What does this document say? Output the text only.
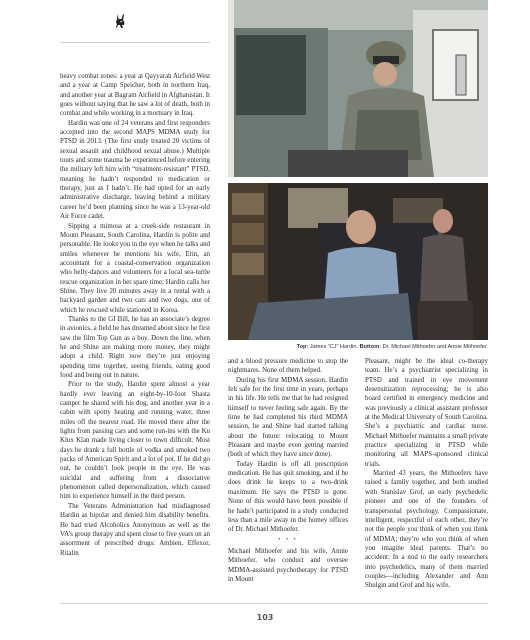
Top: James “CJ” Hardin. Bottom: Dr. Michael Mithoefer and Annie Mithoefer.

heavy combat zones: a year at Qayyarah Airfield West and a year at Camp Speicher, both in northern Iraq, and another year at Bagram Airfield in Afghanistan. It goes without saying that he saw a lot of death, both in combat and while working in a mortuary in Iraq.

Hardin was one of 24 veterans and first responders accepted into the second MAPS MDMA study for PTSD in 2013. (The first study treated 20 victims of sexual assault and childhood sexual abuse.) Multiple tours and some trauma he experienced before entering the military left him with “treatment-resistant” PTSD, meaning he hadn’t responded to medication or therapy, just as I hadn’t. He had opted for an early administrative discharge, leaving behind a military career he’d been planning since he was a 13-year-old Air Force cadet.

Sipping a mimosa at a creek-side restaurant in Mount Pleasant, South Carolina, Hardin is polite and personable. He looks you in the eye when he talks and smiles whenever he mentions his wife, Erin, an accountant for a coastal-conservation organization who belly-dances and volunteers for a local sea-turtle rescue organization in her spare time; Hardin calls her Shine. They live 20 minutes away in a rental with a backyard garden and two cats and two dogs, one of which he rescued while stationed in Korea.

Thanks to the GI Bill, he has an associate’s degree in avionics, a field he has dreamed about since he first saw the film Top Gun as a boy. Down the line, when he and Shine are making more money, they might adopt a child. Right now they’re just enjoying spending time together, seeing friends, eating good food and being out in nature.

Prior to the study, Hardin spent almost a year hardly ever leaving an eight-by-10-foot Shasta camper he shared with his dog, and another year in a cabin with spotty heating and running water, three miles off the nearest road. He moved there after the lights from passing cars and some run-ins with the Ku Klux Klan made living closer to town difficult. Most days he drank a full bottle of vodka and smoked two packs of American Spirit and a lot of pot. If he did go out, he couldn’t look people in the eye. He was suicidal and suffering from a dissociative phenomenon called depersonalization, which caused him to experience himself in the third person.

The Veterans Administration had misdiagnosed Hardin as bipolar and denied him disability benefits. He had tried Alcoholics Anonymous as well as the VA’s group therapy and spent close to five years on an assortment of prescribed drugs: Ambien, Effexor, Ritalin

and a blood pressure medicine to stop the nightmares. None of them helped.

During his first MDMA session, Hardin felt safe for the first time in years, perhaps in his life. He tells me that he had resigned himself to never feeling safe again. By the time he had completed his third MDMA session, he and Shine had started talking about the future: relocating to Mount Pleasant and maybe even getting married (both of which they have since done).

Today Hardin is off all prescription medication. He has quit smoking, and if he does drink he keeps to a two-drink maximum. He says the PTSD is gone. None of this would have been possible if he hadn’t participated in a study conducted less than a mile away in the homey offices of Dr. Michael Mithoefer.

• • •

Michael Mithoefer and his wife, Annie Mithoefer, who conduct and oversee MDMA-assisted psychotherapy for PTSD in Mount

Pleasant, might be the ideal co-therapy team. He’s a psychiatrist specializing in PTSD and trained in eye movement desensitization reprocessing; he is also board certified in emergency medicine and was previously a clinical assistant professor at the Medical University of South Carolina. She’s a psychiatric and cardiac nurse. Michael Mithoefer maintains a small private practice specializing in PTSD while monitoring all MAPS-sponsored clinical trials.

Married 43 years, the Mithoefers have raised a family together, and both studied with Stanislav Grof, an early psychedelic pioneer and one of the founders of transpersonal psychology. Compassionate, intelligent, respectful of each other, they’re not the people you think of when you think of MDMA; they’re who you think of when you imagine ideal parents. That’s no accident: In a nod to the early researchers into psychedelics, many of them married couples—including Alexander and Ann Shulgin and Grof and his wife,

103
